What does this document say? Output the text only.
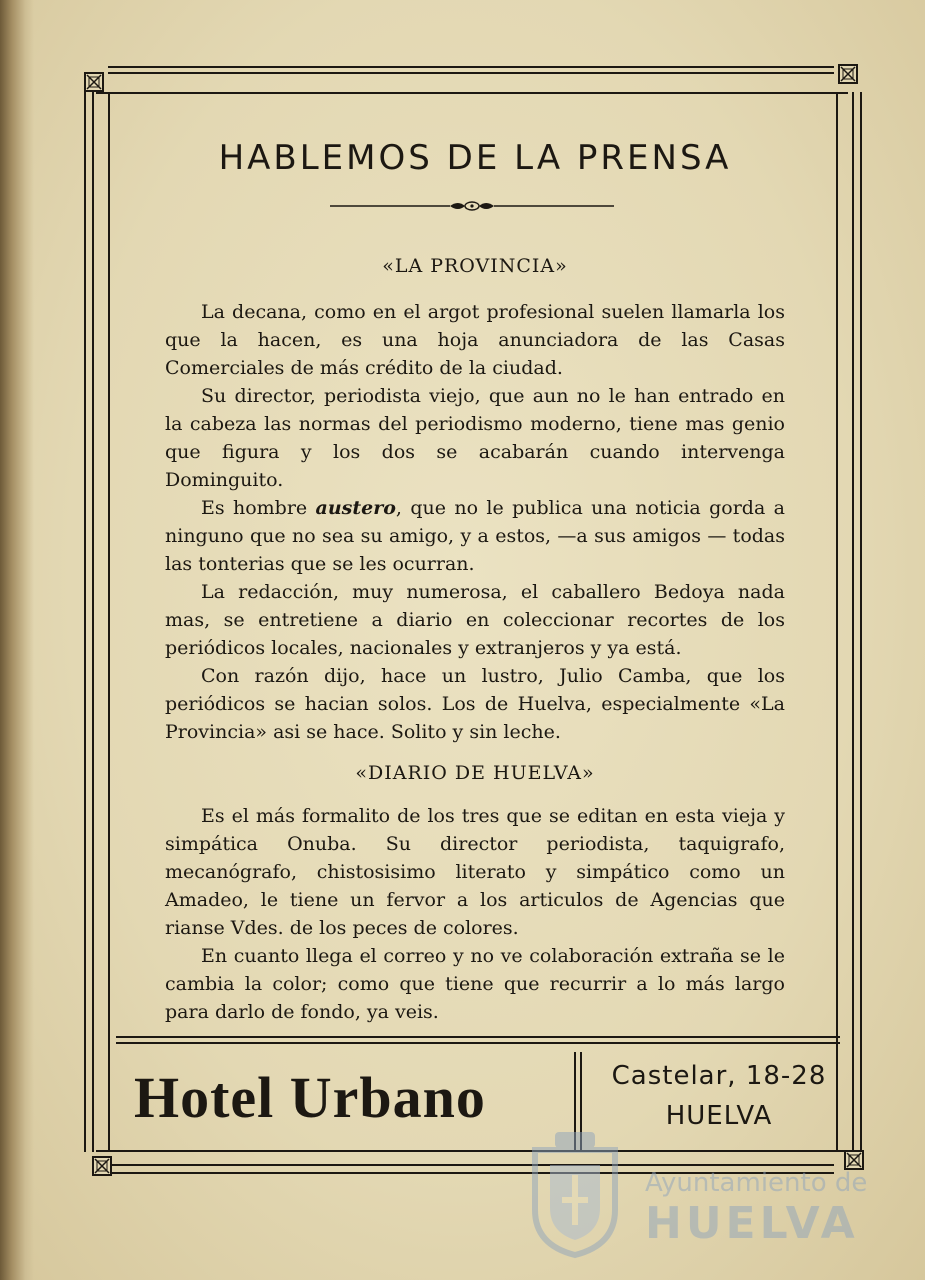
HABLEMOS DE LA PRENSA
«LA PROVINCIA»

La decana, como en el argot profesional suelen llamarla los que la hacen, es una hoja anunciadora de las Casas Comerciales de más crédito de la ciudad.

Su director, periodista viejo, que aun no le han entrado en la cabeza las normas del periodismo moderno, tiene mas genio que figura y los dos se acabarán cuando intervenga Dominguito.

Es hombre austero, que no le publica una noticia gorda a ninguno que no sea su amigo, y a estos, —a sus amigos — todas las tonterias que se les ocurran.

La redacción, muy numerosa, el caballero Bedoya nada mas, se entretiene a diario en coleccionar recortes de los periódicos locales, nacionales y extranjeros y ya está.

Con razón dijo, hace un lustro, Julio Camba, que los periódicos se hacian solos. Los de Huelva, especialmente «La Provincia» asi se hace. Solito y sin leche.

«DIARIO DE HUELVA»

Es el más formalito de los tres que se editan en esta vieja y simpática Onuba. Su director periodista, taquigrafo, mecanógrafo, chistosisimo literato y simpático como un Amadeo, le tiene un fervor a los articulos de Agencias que rianse Vdes. de los peces de colores.

En cuanto llega el correo y no ve colaboración extraña se le cambia la color; como que tiene que recurrir a lo más largo para darlo de fondo, ya veis.

Hotel Urbano	Castelar, 18-28
HUELVA
Ayuntamiento de
HUELVA
